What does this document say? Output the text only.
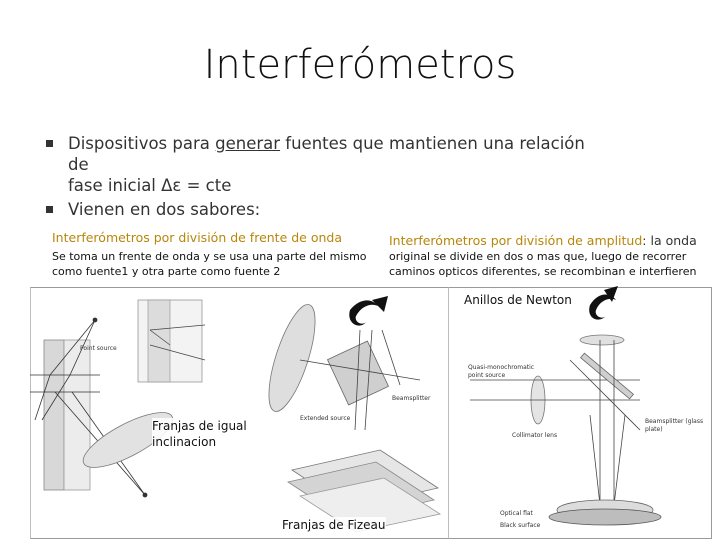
Interferómetros
Dispositivos para generar fuentes que mantienen una relación de
fase inicial Δε = cte
Vienen en dos sabores:
Interferómetros por división de frente de onda
Se toma un frente de onda y se usa una parte del mismo
como fuente1 y otra parte como fuente 2
Interferómetros por división de amplitud: la onda
original se divide en dos o mas que, luego de recorrer
caminos opticos diferentes, se recombinan e interfieren
Point source
Extended source
Beamsplitter
Quasi-monochromatic point source
Collimator lens
Beamsplitter (glass plate)
Optical flat
Black surface
Anillos de Newton
Franjas de igual
inclinacion
Franjas de Fizeau
